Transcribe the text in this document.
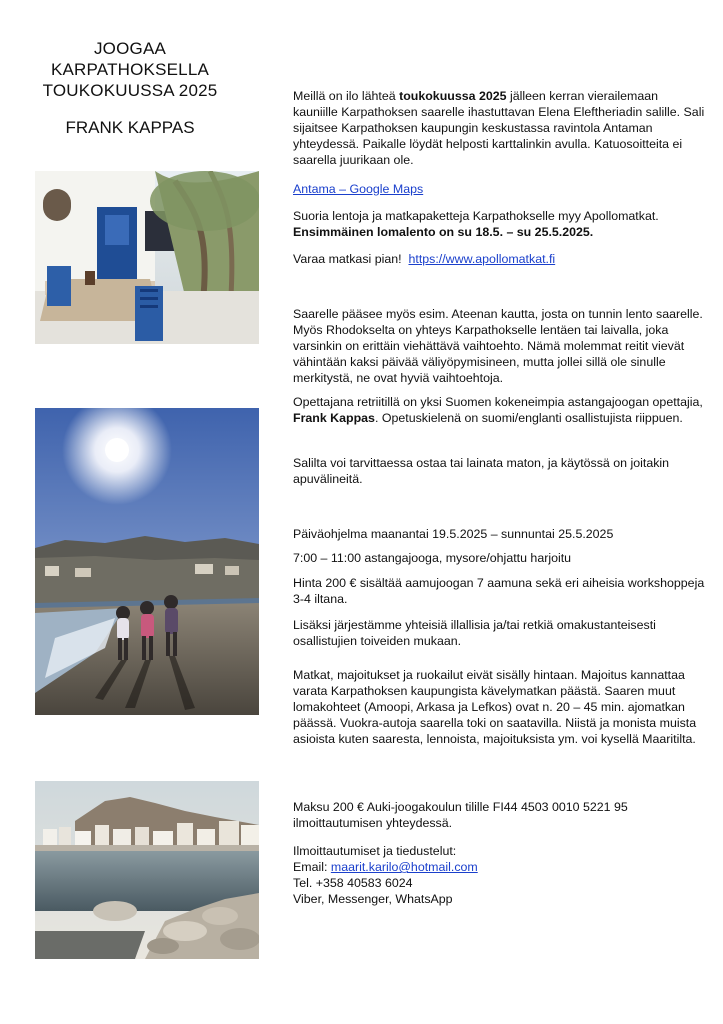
JOOGAA
KARPATHOKSELLA
TOUKOKUUSSA 2025
FRANK KAPPAS

Meillä on ilo lähteä toukokuussa 2025 jälleen kerran vierailemaan kauniille Karpathoksen saarelle ihastuttavan Elena Eleftheriadin salille. Sali sijaitsee Karpathoksen kaupungin keskustassa ravintola Antaman yhteydessä. Paikalle löydät helposti karttalinkin avulla. Katuosoitteita ei saarella juurikaan ole.

Antama – Google Maps

Suoria lentoja ja matkapaketteja Karpathokselle myy Apollomatkat. Ensimmäinen lomalento on su 18.5. – su 25.5.2025.

Varaa matkasi pian! https://www.apollomatkat.fi

Saarelle pääsee myös esim. Ateenan kautta, josta on tunnin lento saarelle. Myös Rhodokselta on yhteys Karpathokselle lentäen tai laivalla, joka varsinkin on erittäin viehättävä vaihtoehto. Nämä molemmat reitit vievät vähintään kaksi päivää väliyöpymisineen, mutta jollei sillä ole sinulle merkitystä, ne ovat hyviä vaihtoehtoja.

Opettajana retriitillä on yksi Suomen kokeneimpia astangajoogan opettajia, Frank Kappas. Opetuskielenä on suomi/englanti osallistujista riippuen.

Salilta voi tarvittaessa ostaa tai lainata maton, ja käytössä on joitakin apuvälineitä.
Päiväohjelma maanantai 19.5.2025 – sunnuntai 25.5.2025
7:00 – 11:00 astangajooga, mysore/ohjattu harjoitu
Hinta 200 € sisältää aamujoogan 7 aamuna sekä eri aiheisia workshoppeja 3-4 iltana.
Lisäksi järjestämme yhteisiä illallisia ja/tai retkiä omakustanteisesti osallistujien toiveiden mukaan.
Matkat, majoitukset ja ruokailut eivät sisälly hintaan. Majoitus kannattaa varata Karpathoksen kaupungista kävelymatkan päästä. Saaren muut lomakohteet (Amoopi, Arkasa ja Lefkos) ovat n. 20 – 45 min. ajomatkan päässä. Vuokra-autoja saarella toki on saatavilla. Niistä ja monista muista asioista kuten saaresta, lennoista, majoituksista ym. voi kysellä Maaritilta.
Maksu 200 € Auki-joogakoulun tilille FI44 4503 0010 5221 95 ilmoittautumisen yhteydessä.

Ilmoittautumiset ja tiedustelut:

Email: maarit.karilo@hotmail.com

Tel. +358 40583 6024

Viber, Messenger, WhatsApp
